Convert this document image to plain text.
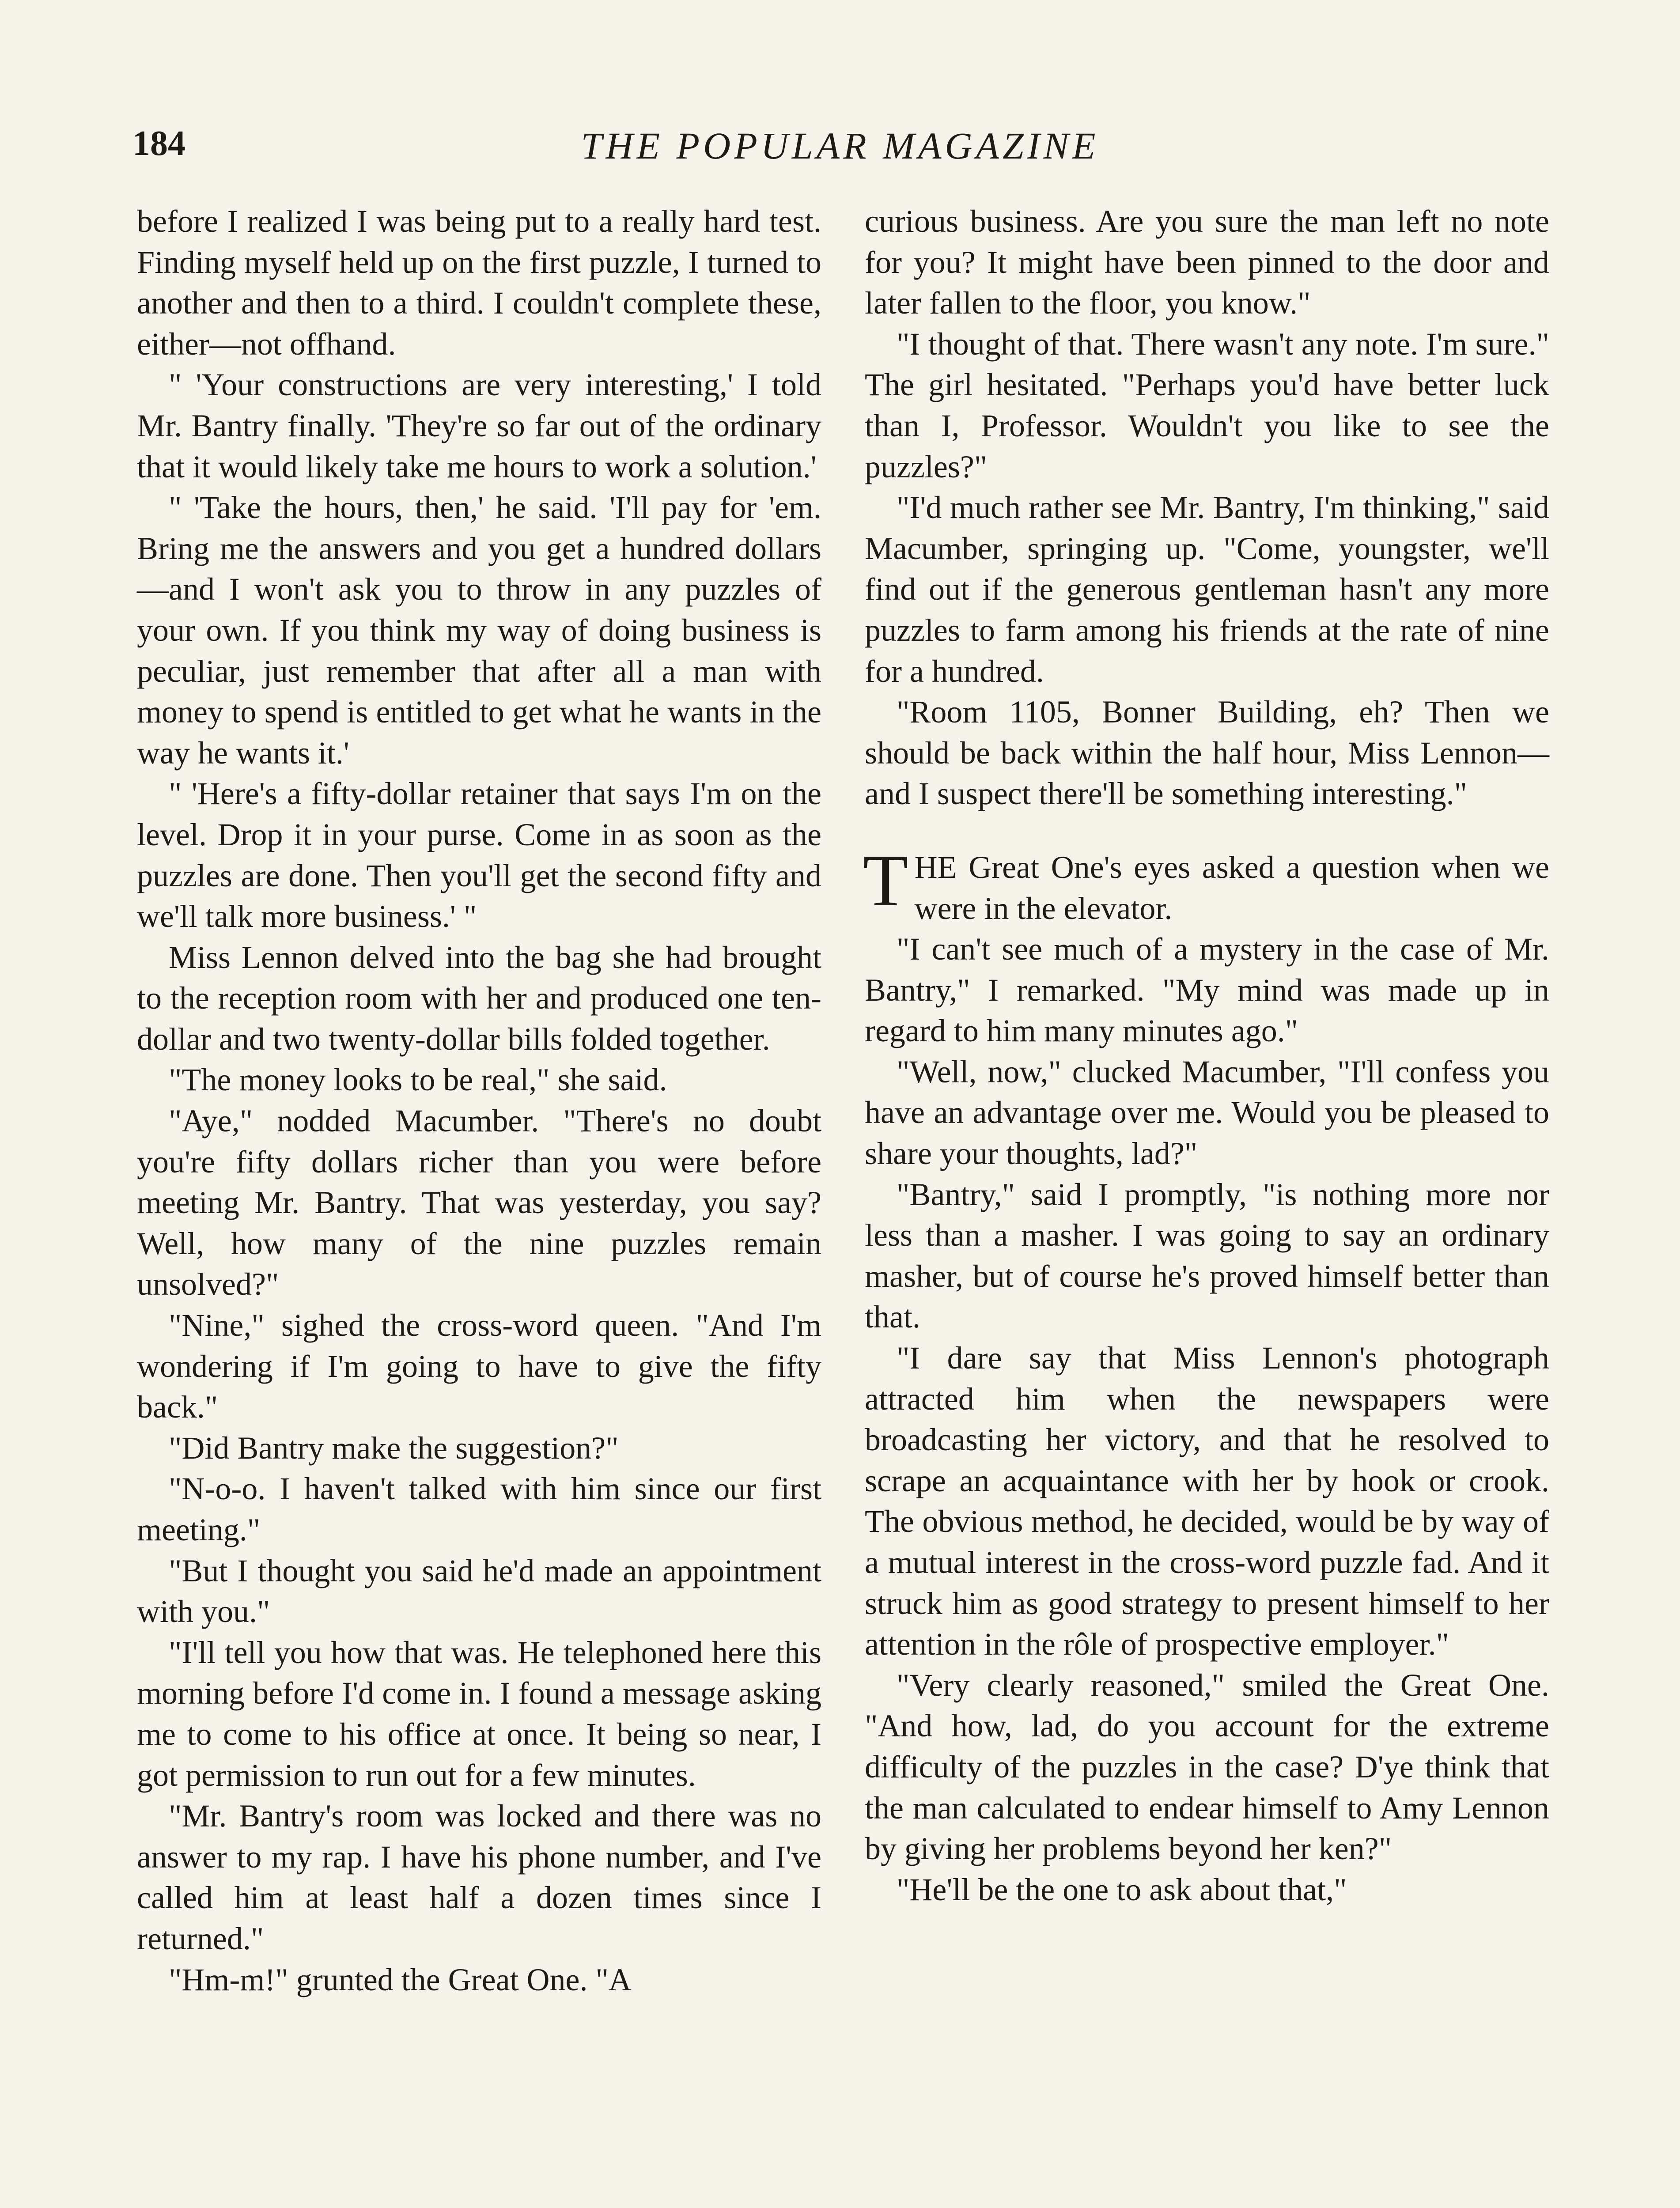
184	THE POPULAR MAGAZINE

before I realized I was being put to a really hard test. Finding myself held up on the first puzzle, I turned to another and then to a third. I couldn't complete these, either—not offhand.

" 'Your constructions are very interesting,' I told Mr. Bantry finally. 'They're so far out of the ordinary that it would likely take me hours to work a solution.'

" 'Take the hours, then,' he said. 'I'll pay for 'em. Bring me the answers and you get a hundred dollars—and I won't ask you to throw in any puzzles of your own. If you think my way of doing business is peculiar, just remember that after all a man with money to spend is entitled to get what he wants in the way he wants it.'

" 'Here's a fifty-dollar retainer that says I'm on the level. Drop it in your purse. Come in as soon as the puzzles are done. Then you'll get the second fifty and we'll talk more business.' "

Miss Lennon delved into the bag she had brought to the reception room with her and produced one ten-dollar and two twenty-dollar bills folded together.

"The money looks to be real," she said.

"Aye," nodded Macumber. "There's no doubt you're fifty dollars richer than you were before meeting Mr. Bantry. That was yesterday, you say? Well, how many of the nine puzzles remain unsolved?"

"Nine," sighed the cross-word queen. "And I'm wondering if I'm going to have to give the fifty back."

"Did Bantry make the suggestion?"

"N-o-o. I haven't talked with him since our first meeting."

"But I thought you said he'd made an appointment with you."

"I'll tell you how that was. He telephoned here this morning before I'd come in. I found a message asking me to come to his office at once. It being so near, I got permission to run out for a few minutes.

"Mr. Bantry's room was locked and there was no answer to my rap. I have his phone number, and I've called him at least half a dozen times since I returned."

"Hm-m!" grunted the Great One. "A

curious business. Are you sure the man left no note for you? It might have been pinned to the door and later fallen to the floor, you know."

"I thought of that. There wasn't any note. I'm sure." The girl hesitated. "Perhaps you'd have better luck than I, Professor. Wouldn't you like to see the puzzles?"

"I'd much rather see Mr. Bantry, I'm thinking," said Macumber, springing up. "Come, youngster, we'll find out if the generous gentleman hasn't any more puzzles to farm among his friends at the rate of nine for a hundred.

"Room 1105, Bonner Building, eh? Then we should be back within the half hour, Miss Lennon—and I suspect there'll be something interesting."

THE Great One's eyes asked a question when we were in the elevator.

"I can't see much of a mystery in the case of Mr. Bantry," I remarked. "My mind was made up in regard to him many minutes ago."

"Well, now," clucked Macumber, "I'll confess you have an advantage over me. Would you be pleased to share your thoughts, lad?"

"Bantry," said I promptly, "is nothing more nor less than a masher. I was going to say an ordinary masher, but of course he's proved himself better than that.

"I dare say that Miss Lennon's photograph attracted him when the newspapers were broadcasting her victory, and that he resolved to scrape an acquaintance with her by hook or crook. The obvious method, he decided, would be by way of a mutual interest in the cross-word puzzle fad. And it struck him as good strategy to present himself to her attention in the rôle of prospective employer."

"Very clearly reasoned," smiled the Great One. "And how, lad, do you account for the extreme difficulty of the puzzles in the case? D'ye think that the man calculated to endear himself to Amy Lennon by giving her problems beyond her ken?"

"He'll be the one to ask about that,"
